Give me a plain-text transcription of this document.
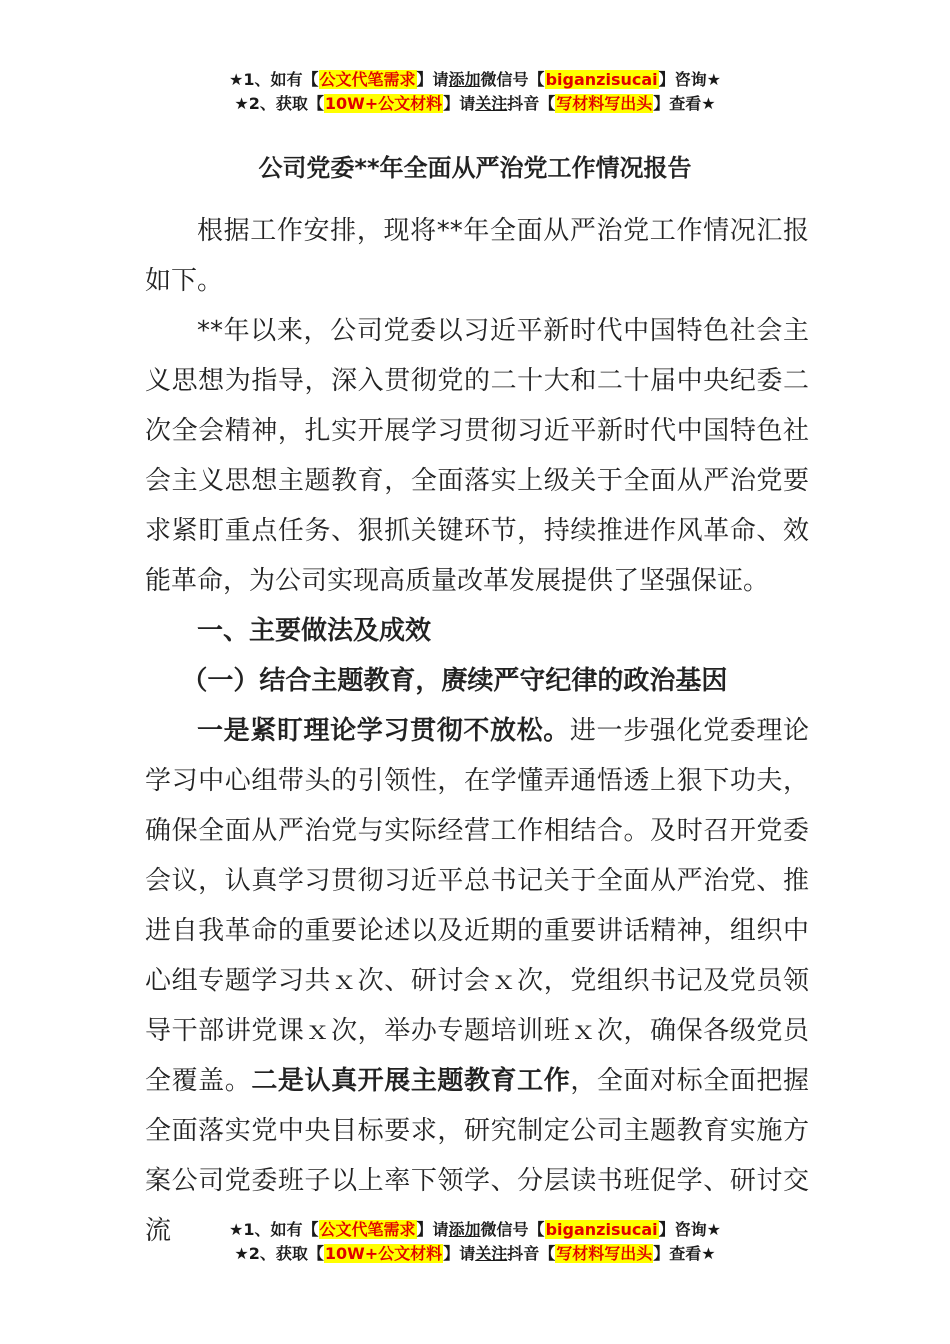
★1、如有【公文代笔需求】请添加微信号【biganzisucai】咨询★
★2、获取【10W+公文材料】请关注抖音【写材料写出头】查看★
公司党委**年全面从严治党工作情况报告

根据工作安排，现将**年全面从严治党工作情况汇报如下。

**年以来，公司党委以习近平新时代中国特色社会主义思想为指导，深入贯彻党的二十大和二十届中央纪委二次全会精神，扎实开展学习贯彻习近平新时代中国特色社会主义思想主题教育，全面落实上级关于全面从严治党要求紧盯重点任务、狠抓关键环节，持续推进作风革命、效能革命，为公司实现高质量改革发展提供了坚强保证。

一、主要做法及成效

（一）结合主题教育，赓续严守纪律的政治基因

一是紧盯理论学习贯彻不放松。进一步强化党委理论学习中心组带头的引领性，在学懂弄通悟透上狠下功夫，确保全面从严治党与实际经营工作相结合。及时召开党委会议，认真学习贯彻习近平总书记关于全面从严治党、推进自我革命的重要论述以及近期的重要讲话精神，组织中心组专题学习共ｘ次、研讨会ｘ次，党组织书记及党员领导干部讲党课ｘ次，举办专题培训班ｘ次，确保各级党员全覆盖。二是认真开展主题教育工作，全面对标全面把握全面落实党中央目标要求，研究制定公司主题教育实施方案公司党委班子以上率下领学、分层读书班促学、研讨交流	★1、如有【公文代笔需求】请添加微信号【biganzisucai】咨询★
★2、获取【10W+公文材料】请关注抖音【写材料写出头】查看★
